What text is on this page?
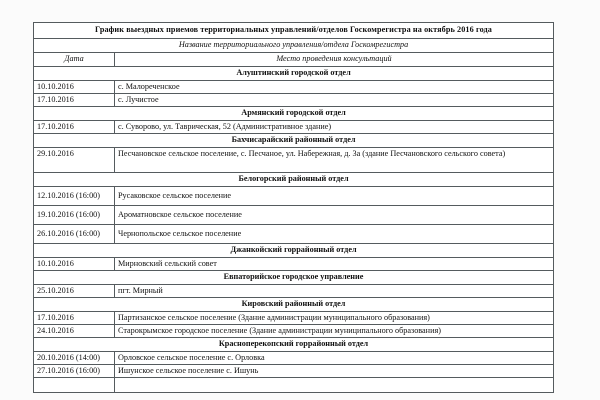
График выездных приемов территориальных управлений/отделов Госкомрегистра на октябрь 2016 года	
Название территориального управления/отдела Госкомрегистра	
Дата	Место проведения консультаций
Алуштинский городской отдел	
10.10.2016	с. Малореченское
17.10.2016	с. Лучистое
Армянский городской отдел	
17.10.2016	с. Суворово, ул. Таврическая, 52 (Административное здание)
Бахчисарайский районный отдел	
29.10.2016	Песчановское сельское поселение, с. Песчаное, ул. Набережная, д. 3а (здание Песчановского сельского совета)
Белогорский районный отдел	
12.10.2016 (16:00)	Русаковское сельское поселение
19.10.2016 (16:00)	Ароматновское сельское поселение
26.10.2016 (16:00)	Чернопольское сельское поселение
Джанкойский горрайонный отдел	
10.10.2016	Мирновский сельский совет
Евпаторийское городское управление	
25.10.2016	пгт. Мирный
Кировский районный отдел	
17.10.2016	Партизанское сельское поселение (Здание администрации муниципального образования)
24.10.2016	Старокрымское городское поселение (Здание администрации муниципального образования)
Красноперекопский горрайонный отдел	
20.10.2016 (14:00)	Орловское сельское поселение с. Орловка
27.10.2016 (16:00)	Ишунское сельское поселение с. Ишунь
